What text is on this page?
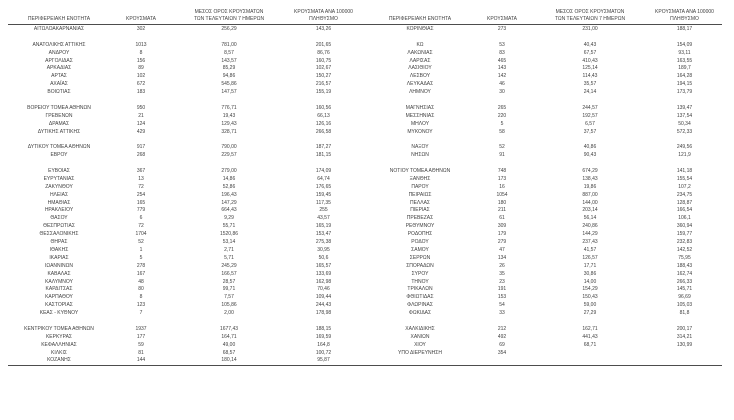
ΠΕΡΙΦΕΡΕΙΑΚΗ ΕΝΟΤΗΤΑ	ΚΡΟΥΣΜΑΤΑ
ΜΕΣΟΣ ΟΡΟΣ ΚΡΟΥΣΜΑΤΩΝ
ΤΩΝ ΤΕΛΕΥΤΑΙΩΝ 7 ΗΜΕΡΩΝ
ΚΡΟΥΣΜΑΤΑ ΑΝΑ 100000
ΠΛΗΘΥΣΜΟ	ΠΕΡΙΦΕΡΕΙΑΚΗ ΕΝΟΤΗΤΑ	ΚΡΟΥΣΜΑΤΑ
ΜΕΣΟΣ ΟΡΟΣ ΚΡΟΥΣΜΑΤΩΝ
ΤΩΝ ΤΕΛΕΥΤΑΙΩΝ 7 ΗΜΕΡΩΝ
ΚΡΟΥΣΜΑΤΑ ΑΝΑ 100000
ΠΛΗΘΥΣΜΟ
ΑΙΤΩΛΟΑΚΑΡΝΑΝΙΑΣ	302	256,29	143,26
ΑΝΑΤΟΛΙΚΗΣ ΑΤΤΙΚΗΣ	1013	781,00	201,65
ΑΝΔΡΟΥ	8	8,57	86,76
ΑΡΓΟΛΙΔΑΣ	156	143,57	160,75
ΑΡΚΑΔΙΑΣ	89	85,29	102,67
ΑΡΤΑΣ	102	94,86	150,27
ΑΧΑΪΑΣ	672	545,86	216,57
ΒΟΙΩΤΙΑΣ	183	147,57	155,19
ΒΟΡΕΙΟΥ ΤΟΜΕΑ ΑΘΗΝΩΝ	950	776,71	160,56
ΓΡΕΒΕΝΩΝ	21	19,43	66,13
ΔΡΑΜΑΣ	124	129,43	126,16
ΔΥΤΙΚΗΣ ΑΤΤΙΚΗΣ	429	328,71	266,58
ΔΥΤΙΚΟΥ ΤΟΜΕΑ ΑΘΗΝΩΝ	917	790,00	187,27
ΕΒΡΟΥ	268	229,57	181,15
ΕΥΒΟΙΑΣ	367	279,00	174,09
ΕΥΡΥΤΑΝΙΑΣ	13	14,86	64,74
ΖΑΚΥΝΘΟΥ	72	52,86	176,65
ΗΛΕΙΑΣ	254	196,43	159,45
ΗΜΑΘΙΑΣ	165	147,29	117,35
ΗΡΑΚΛΕΙΟΥ	779	664,43	255
ΘΑΣΟΥ	6	9,29	43,57
ΘΕΣΠΡΩΤΙΑΣ	72	55,71	165,19
ΘΕΣΣΑΛΟΝΙΚΗΣ	1704	1520,86	153,47
ΘΗΡΑΣ	52	53,14	275,38
ΙΘΑΚΗΣ	1	2,71	30,95
ΙΚΑΡΙΑΣ	5	5,71	50,6
ΙΩΑΝΝΙΝΩΝ	278	245,29	165,57
ΚΑΒΑΛΑΣ	167	166,57	133,69
ΚΑΛΥΜΝΟΥ	48	28,57	162,98
ΚΑΡΔΙΤΣΑΣ	80	99,71	70,46
ΚΑΡΠΑΘΟΥ	8	7,57	109,44
ΚΑΣΤΟΡΙΑΣ	123	105,86	244,43
ΚΕΑΣ - ΚΥΘΝΟΥ	7	2,00	178,98
ΚΕΝΤΡΙΚΟΥ ΤΟΜΕΑ ΑΘΗΝΩΝ	1937	1677,43	188,15
ΚΕΡΚΥΡΑΣ	177	164,71	169,59
ΚΕΦΑΛΛΗΝΙΑΣ	59	49,00	164,8
ΚΙΛΚΙΣ	81	68,57	100,72
ΚΟΖΑΝΗΣ	144	180,14	95,87
ΚΟΡΙΝΘΙΑΣ	273	231,00	188,17
ΚΩ	53	40,43	154,09
ΛΑΚΩΝΙΑΣ	83	67,57	93,11
ΛΑΡΙΣΑΣ	465	410,43	163,55
ΛΑΣΙΘΙΟΥ	143	125,14	189,7
ΛΕΣΒΟΥ	142	114,43	164,28
ΛΕΥΚΑΔΑΣ	46	35,57	194,15
ΛΗΜΝΟΥ	30	24,14	173,79
ΜΑΓΝΗΣΙΑΣ	265	244,57	139,47
ΜΕΣΣΗΝΙΑΣ	220	192,57	137,54
ΜΗΛΟΥ	5	6,57	50,34
ΜΥΚΟΝΟΥ	58	37,57	572,33
ΝΑΞΟΥ	52	40,86	249,56
ΝΗΣΩΝ	91	90,43	121,9
ΝΟΤΙΟΥ ΤΟΜΕΑ ΑΘΗΝΩΝ	748	674,29	141,18
ΞΑΝΘΗΣ	173	138,43	155,54
ΠΑΡΟΥ	16	19,86	107,2
ΠΕΙΡΑΙΩΣ	1054	887,00	234,75
ΠΕΛΛΑΣ	180	144,00	128,87
ΠΙΕΡΙΑΣ	211	203,14	166,54
ΠΡΕΒΕΖΑΣ	61	56,14	106,1
ΡΕΘΥΜΝΟΥ	309	240,86	360,94
ΡΟΔΟΠΗΣ	179	144,29	159,77
ΡΟΔΟΥ	279	237,43	232,83
ΣΑΜΟΥ	47	41,57	142,52
ΣΕΡΡΩΝ	134	126,57	75,95
ΣΠΟΡΑΔΩΝ	26	17,71	188,43
ΣΥΡΟΥ	35	30,86	162,74
ΤΗΝΟΥ	23	14,00	266,33
ΤΡΙΚΑΛΩΝ	191	154,29	145,71
ΦΘΙΩΤΙΔΑΣ	153	150,43	96,69
ΦΛΩΡΙΝΑΣ	54	59,00	105,03
ΦΩΚΙΔΑΣ	33	27,29	81,8
ΧΑΛΚΙΔΙΚΗΣ	212	162,71	200,17
ΧΑΝΙΩΝ	492	441,43	314,21
ΧΙΟΥ	69	68,71	130,99
ΥΠΟ ΔΙΕΡΕΥΝΗΣΗ	354
